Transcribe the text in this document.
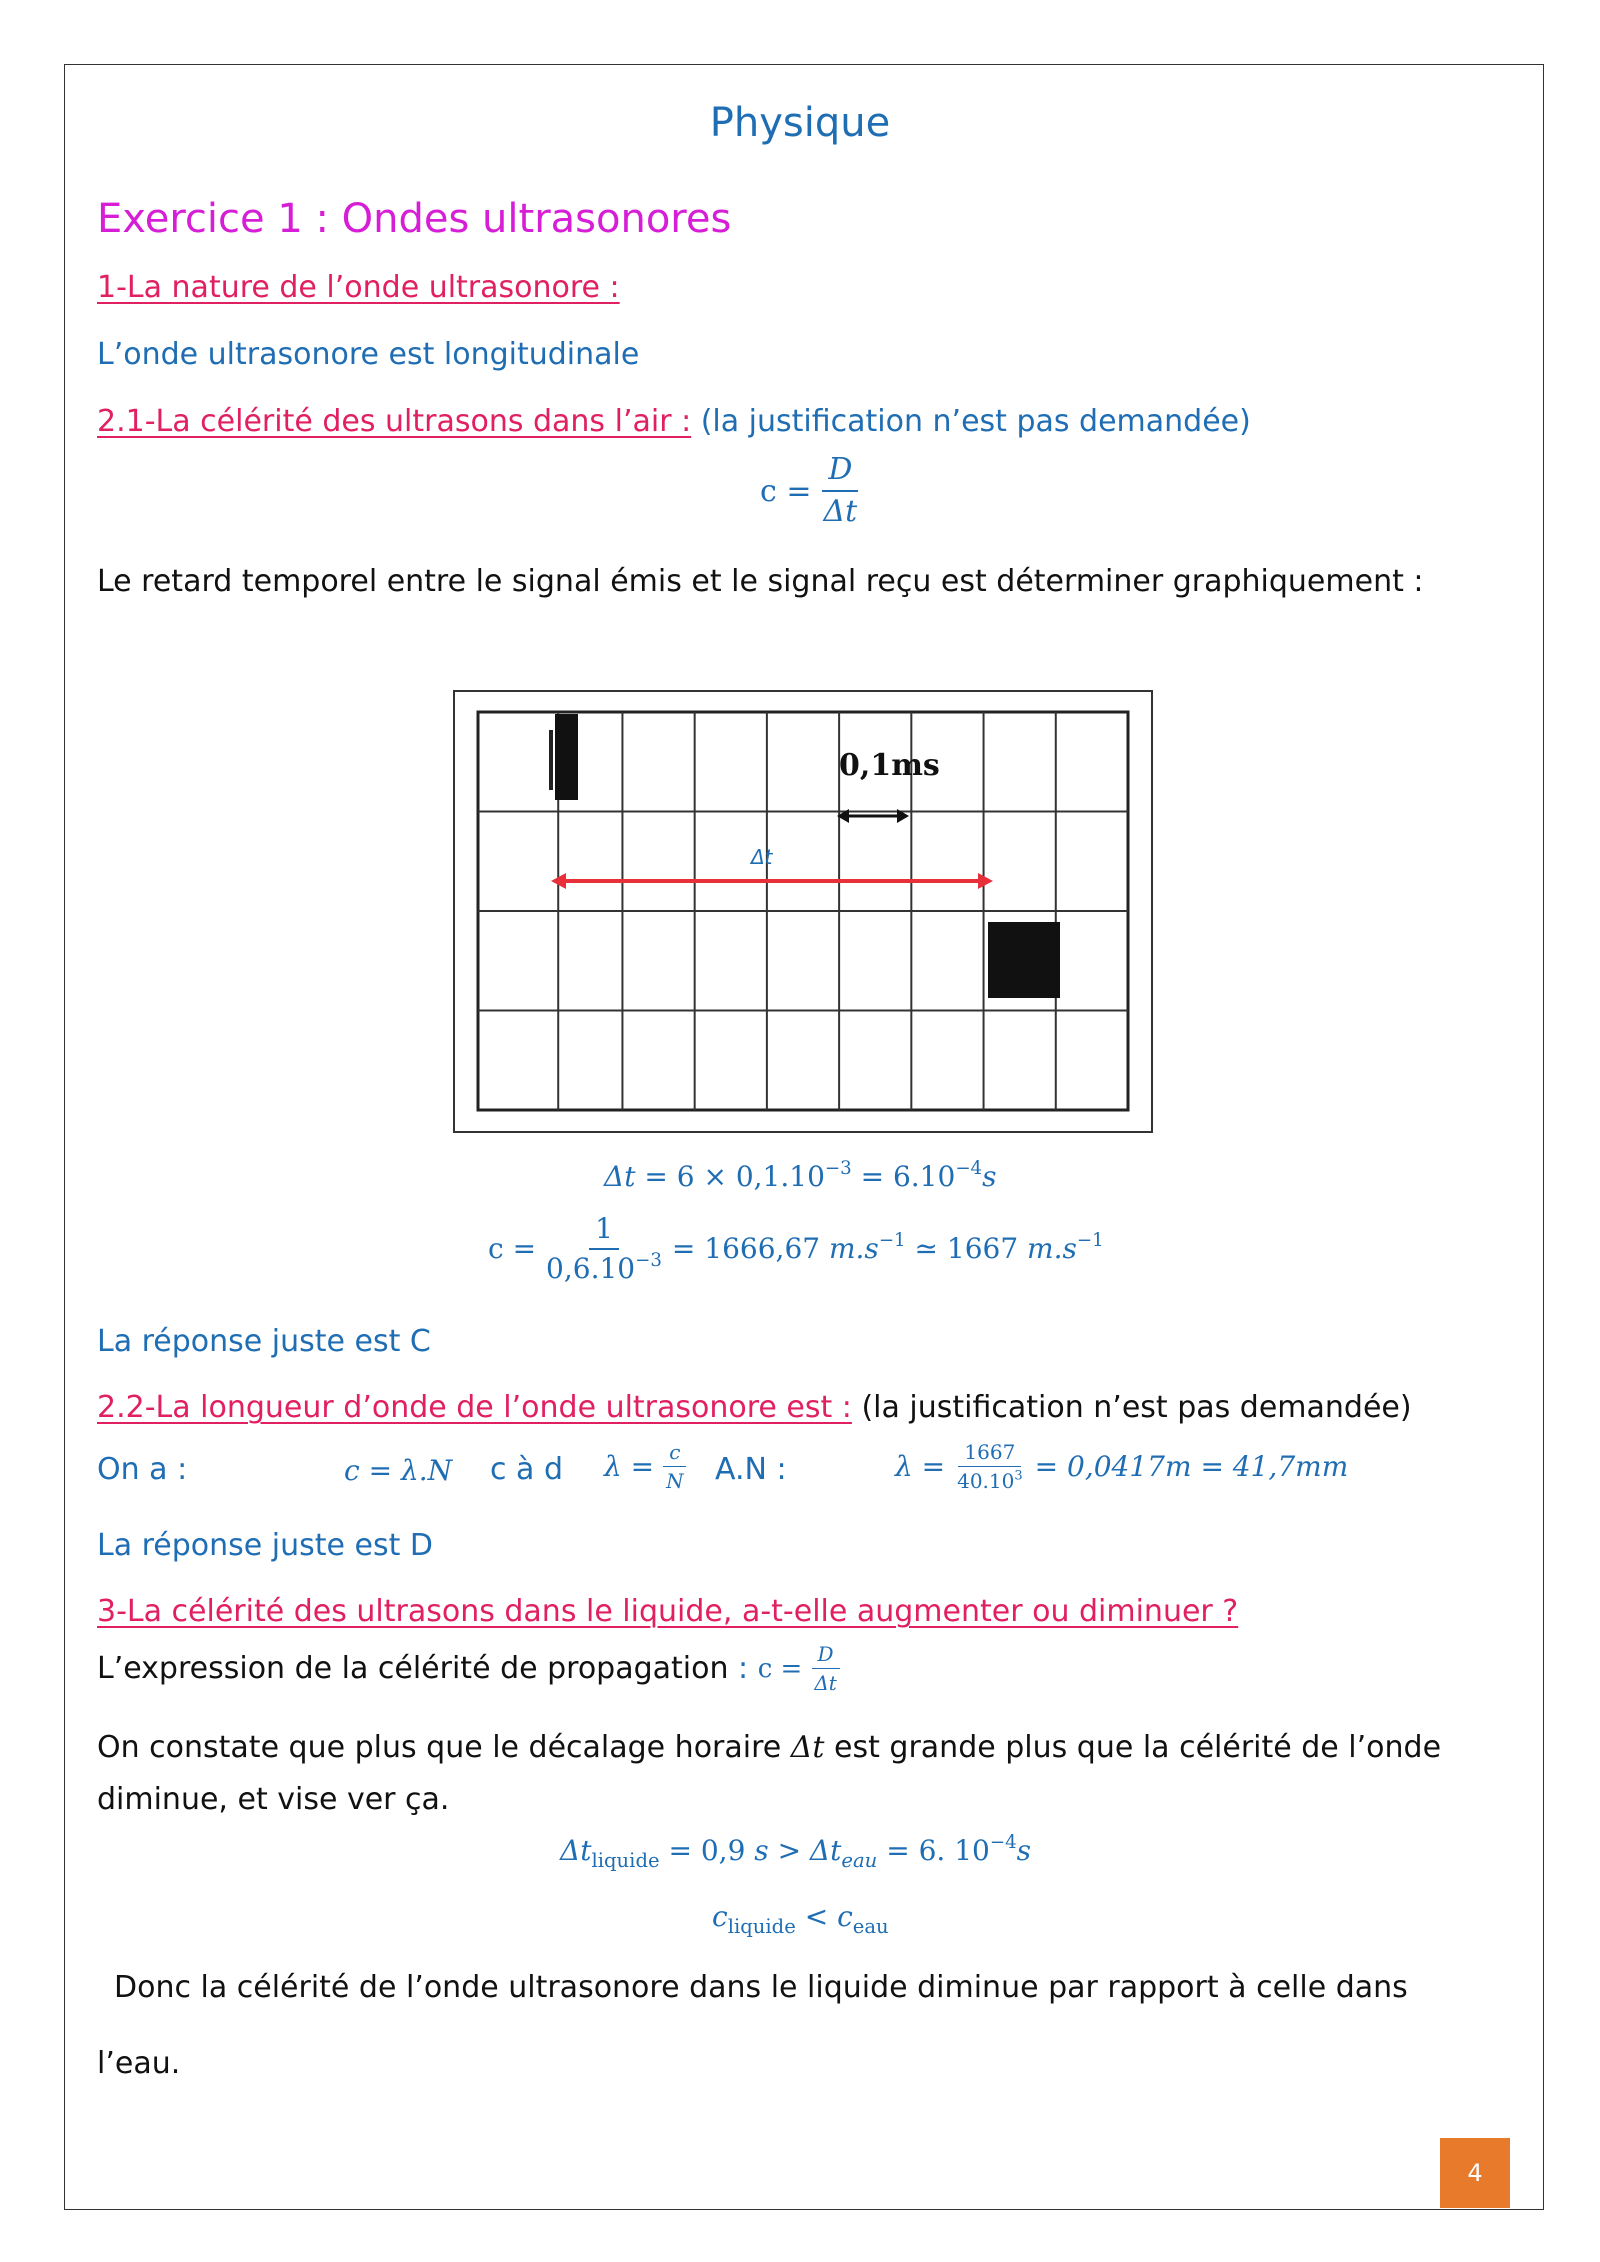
Physique
Exercice 1 : Ondes ultrasonores
1-La nature de l’onde ultrasonore :
L’onde ultrasonore est longitudinale
2.1-La célérité des ultrasons dans l’air : (la justification n’est pas demandée)
$c = \frac{D}{\Delta t}$
Le retard temporel entre le signal émis et le signal reçu est déterminer graphiquement :
0,1ms
Δt
$\Delta t = 6 \times 0,1.10^{-3} = 6.10^{-4}s$
$c = \frac{1}{0,6.10^{-3}} = 1666,67$ $m.s^{-1}$ ≃ 1667 $m.s^{-1}$
La réponse juste est C
2.2-La longueur d’onde de l’onde ultrasonore est : (la justification n’est pas demandée)
On a :	c = λ.N c à d $\lambda = \frac{c}{N} A.N$ :	$\lambda = \frac{1667}{40.10^3} = 0,0417m = 41,7mm$
La réponse juste est D
3-La célérité des ultrasons dans le liquide, a-t-elle augmenter ou diminuer ?
L’expression de la célérité de propagation : $c = \frac{D}{\Delta t}$
On constate que plus que le décalage horaire Δt est grande plus que la célérité de l’onde
diminue, et vise ver ça.
$\Delta t_{liquide} = 0,9$ $s > \Delta t_{eau} = 6$. $10^{-4}s$
$c_{liquide} < c_{eau}$
Donc la célérité de l’onde ultrasonore dans le liquide diminue par rapport à celle dans
l’eau.
4
